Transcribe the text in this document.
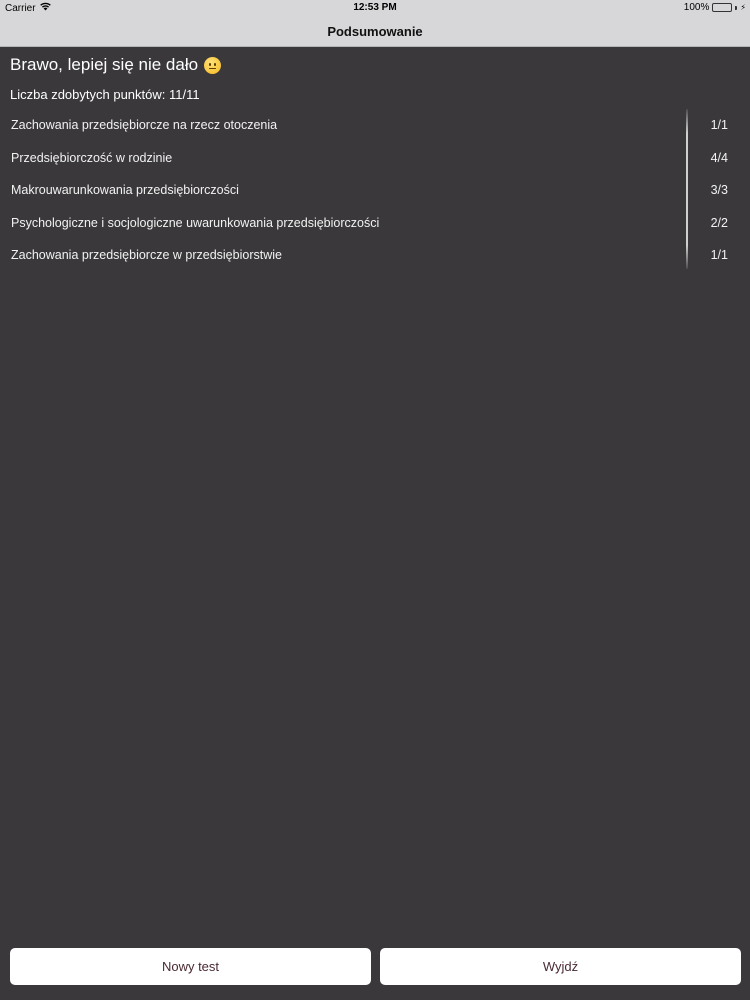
Carrier	12:53 PM	100%	⚡
Podsumowanie
Brawo, lepiej się nie dało
Liczba zdobytych punktów: 11/11
Zachowania przedsiębiorcze na rzecz otoczenia	1/1
Przedsiębiorczość w rodzinie	4/4
Makrouwarunkowania przedsiębiorczości	3/3
Psychologiczne i socjologiczne uwarunkowania przedsiębiorczości	2/2
Zachowania przedsiębiorcze w przedsiębiorstwie	1/1
Nowy test	Wyjdź
